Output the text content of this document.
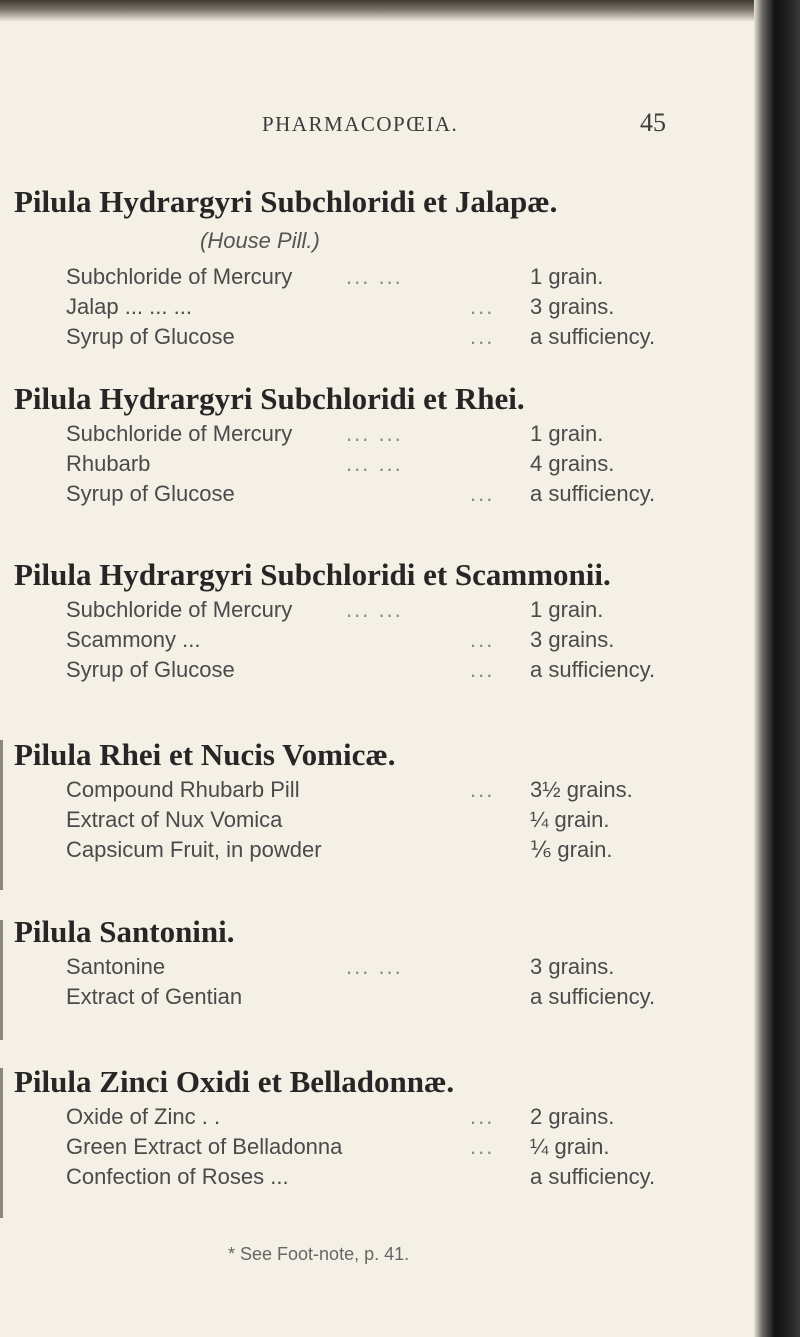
PHARMACOPŒIA.	45
Pilula Hydrargyri Subchloridi et Jalapæ.
(House Pill.)
Subchloride of Mercury ... ...	1 grain.
Jalap ... ... ...	... 3 grains.
Syrup of Glucose	... a sufficiency.
Pilula Hydrargyri Subchloridi et Rhei.
Subchloride of Mercury ... ...	1 grain.
Rhubarb	... ...	4 grains.
Syrup of Glucose	... a sufficiency.
Pilula Hydrargyri Subchloridi et Scammonii.
Subchloride of Mercury ... ...	1 grain.
Scammony ...	... 3 grains.
Syrup of Glucose	... a sufficiency.
Pilula Rhei et Nucis Vomicæ.
Compound Rhubarb Pill	... 3½ grains.
Extract of Nux Vomica	¼ grain.
Capsicum Fruit, in powder	⅙ grain.
Pilula Santonini.
Santonine	... ...	3 grains.
Extract of Gentian	a sufficiency.
Pilula Zinci Oxidi et Belladonnæ.
Oxide of Zinc . .	... 2 grains.
Green Extract of Belladonna	... ¼ grain.
Confection of Roses ...	a sufficiency.
* See Foot-note, p. 41.
